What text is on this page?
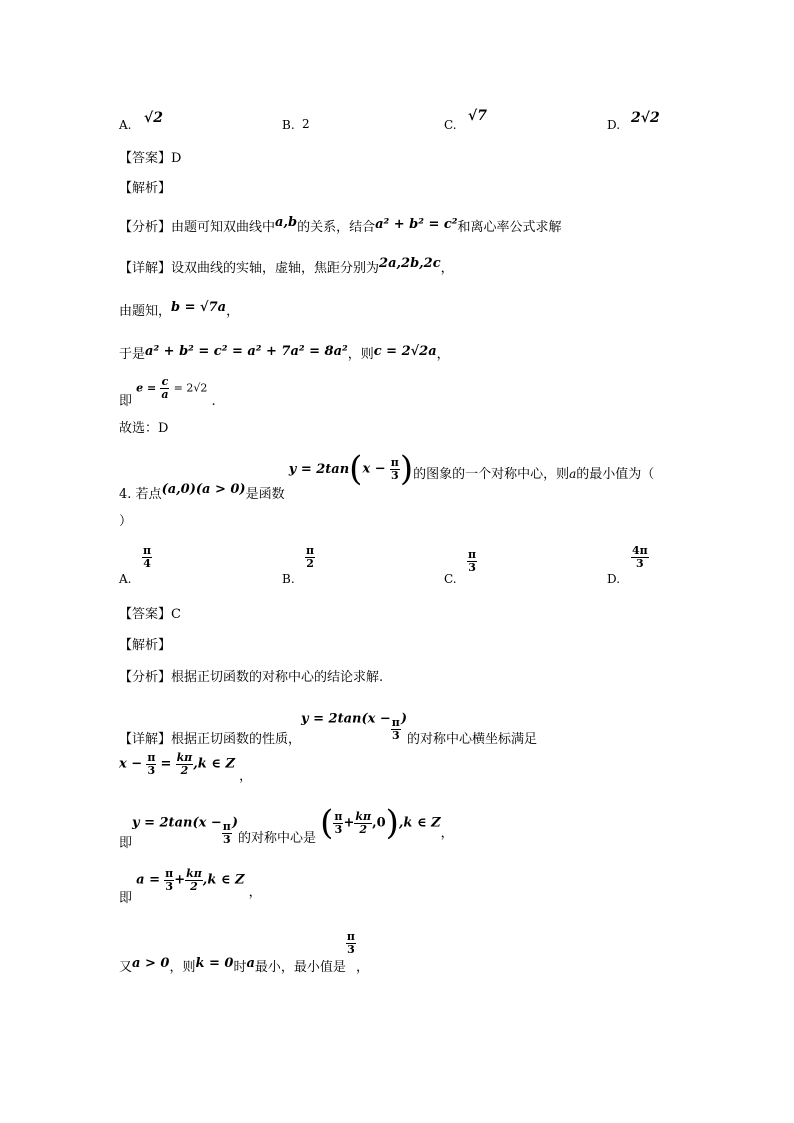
A. √2	B. 2	C.
√7
D. 2√2
【答案】D
【解析】
【分析】由题可知双曲线中a,b的关系，结合a² + b² = c²和离心率公式求解
【详解】设双曲线的实轴，虚轴，焦距分别为2a,2b,2c，
由题知，b = √7a，
于是a² + b² = c² = a² + 7a² = 8a²，则c = 2√2a，
即 $e = \frac{c}{a} = 2√2$ .
故选：D
4. 若点(a,0)(a > 0)是函数 $y = 2\tan(x - \frac{\pi}{3}$ )的图象的一个对称中心，则a的最小值为（
）
A.
$\frac{\pi}{4}$
B.
$\frac{\pi}{2}$
C.
$\frac{\pi}{3}$
D.
$\frac{4\pi}{3}$
【答案】C
【解析】
【分析】根据正切函数的对称中心的结论求解.
【详解】根据正切函数的性质，$y = 2\tan(x - \frac{\pi}{3}$ )的对称中心横坐标满足
$x - \frac{\pi}{3} = \frac{k\pi}{2} ,k$ ∈ Z ，
即$y = 2\tan(x - \frac{\pi}{3}$ )的对称中心是 ( $\frac{\pi}{3} + \frac{k\pi}{2} ,0),k$ ∈ Z，
即 $a = \frac{\pi}{3} + \frac{k\pi}{2} ,k$ ∈ Z ，
又a > 0，则k = 0时a最小，最小值是
$\frac{\pi}{3}$
，
